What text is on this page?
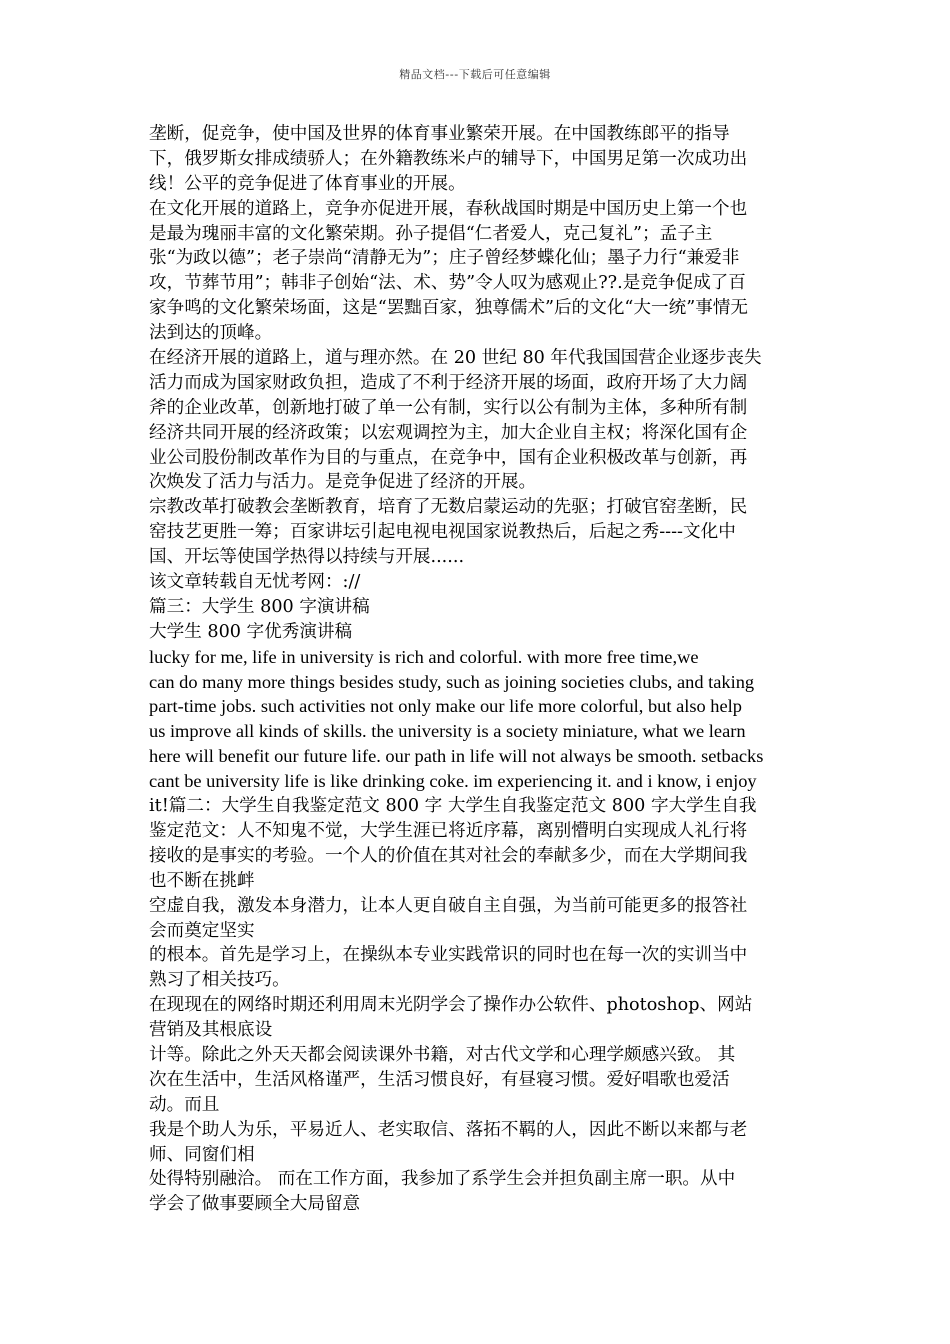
精品文档---下载后可任意编辑
垄断，促竞争，使中国及世界的体育事业繁荣开展。在中国教练郎平的指导
下，俄罗斯女排成绩骄人；在外籍教练米卢的辅导下，中国男足第一次成功出
线！公平的竞争促进了体育事业的开展。
在文化开展的道路上，竞争亦促进开展，春秋战国时期是中国历史上第一个也
是最为瑰丽丰富的文化繁荣期。孙子提倡“仁者爱人，克己复礼”；孟子主
张“为政以德”；老子崇尚“清静无为”；庄子曾经梦蝶化仙；墨子力行“兼爱非
攻，节葬节用”；韩非子创始“法、术、势”令人叹为感观止??.是竞争促成了百
家争鸣的文化繁荣场面，这是“罢黜百家，独尊儒术”后的文化“大一统”事情无
法到达的顶峰。
在经济开展的道路上，道与理亦然。在 20 世纪 80 年代我国国营企业逐步丧失
活力而成为国家财政负担，造成了不利于经济开展的场面，政府开场了大力阔
斧的企业改革，创新地打破了单一公有制，实行以公有制为主体，多种所有制
经济共同开展的经济政策；以宏观调控为主，加大企业自主权；将深化国有企
业公司股份制改革作为目的与重点，在竞争中，国有企业积极改革与创新，再
次焕发了活力与活力。是竞争促进了经济的开展。
宗教改革打破教会垄断教育，培育了无数启蒙运动的先驱；打破官窑垄断，民
窑技艺更胜一筹；百家讲坛引起电视电视国家说教热后，后起之秀----文化中
国、开坛等使国学热得以持续与开展......
该文章转载自无忧考网：://
篇三：大学生 800 字演讲稿
大学生 800 字优秀演讲稿
lucky for me, life in university is rich and colorful. with more free time,we
can do many more things besides study, such as joining societies clubs, and taking
part-time jobs. such activities not only make our life more colorful, but also help
us improve all kinds of skills. the university is a society miniature, what we learn
here will benefit our future life. our path in life will not always be smooth. setbacks
cant be university life is like drinking coke. im experiencing it. and i know, i enjoy
it!篇二：大学生自我鉴定范文 800 字 大学生自我鉴定范文 800 字大学生自我
鉴定范文：人不知鬼不觉，大学生涯已将近序幕，离别懵明白实现成人礼行将
接收的是事实的考验。一个人的价值在其对社会的奉献多少，而在大学期间我
也不断在挑衅
空虚自我，激发本身潜力，让本人更自破自主自强，为当前可能更多的报答社
会而奠定坚实
的根本。首先是学习上，在操纵本专业实践常识的同时也在每一次的实训当中
熟习了相关技巧。
在现现在的网络时期还利用周末光阴学会了操作办公软件、photoshop、网站
营销及其根底设
计等。除此之外天天都会阅读课外书籍，对古代文学和心理学颇感兴致。 其
次在生活中，生活风格谨严，生活习惯良好，有昼寝习惯。爱好唱歌也爱活
动。而且
我是个助人为乐，平易近人、老实取信、落拓不羁的人，因此不断以来都与老
师、同窗们相
处得特别融洽。 而在工作方面，我参加了系学生会并担负副主席一职。从中
学会了做事要顾全大局留意
